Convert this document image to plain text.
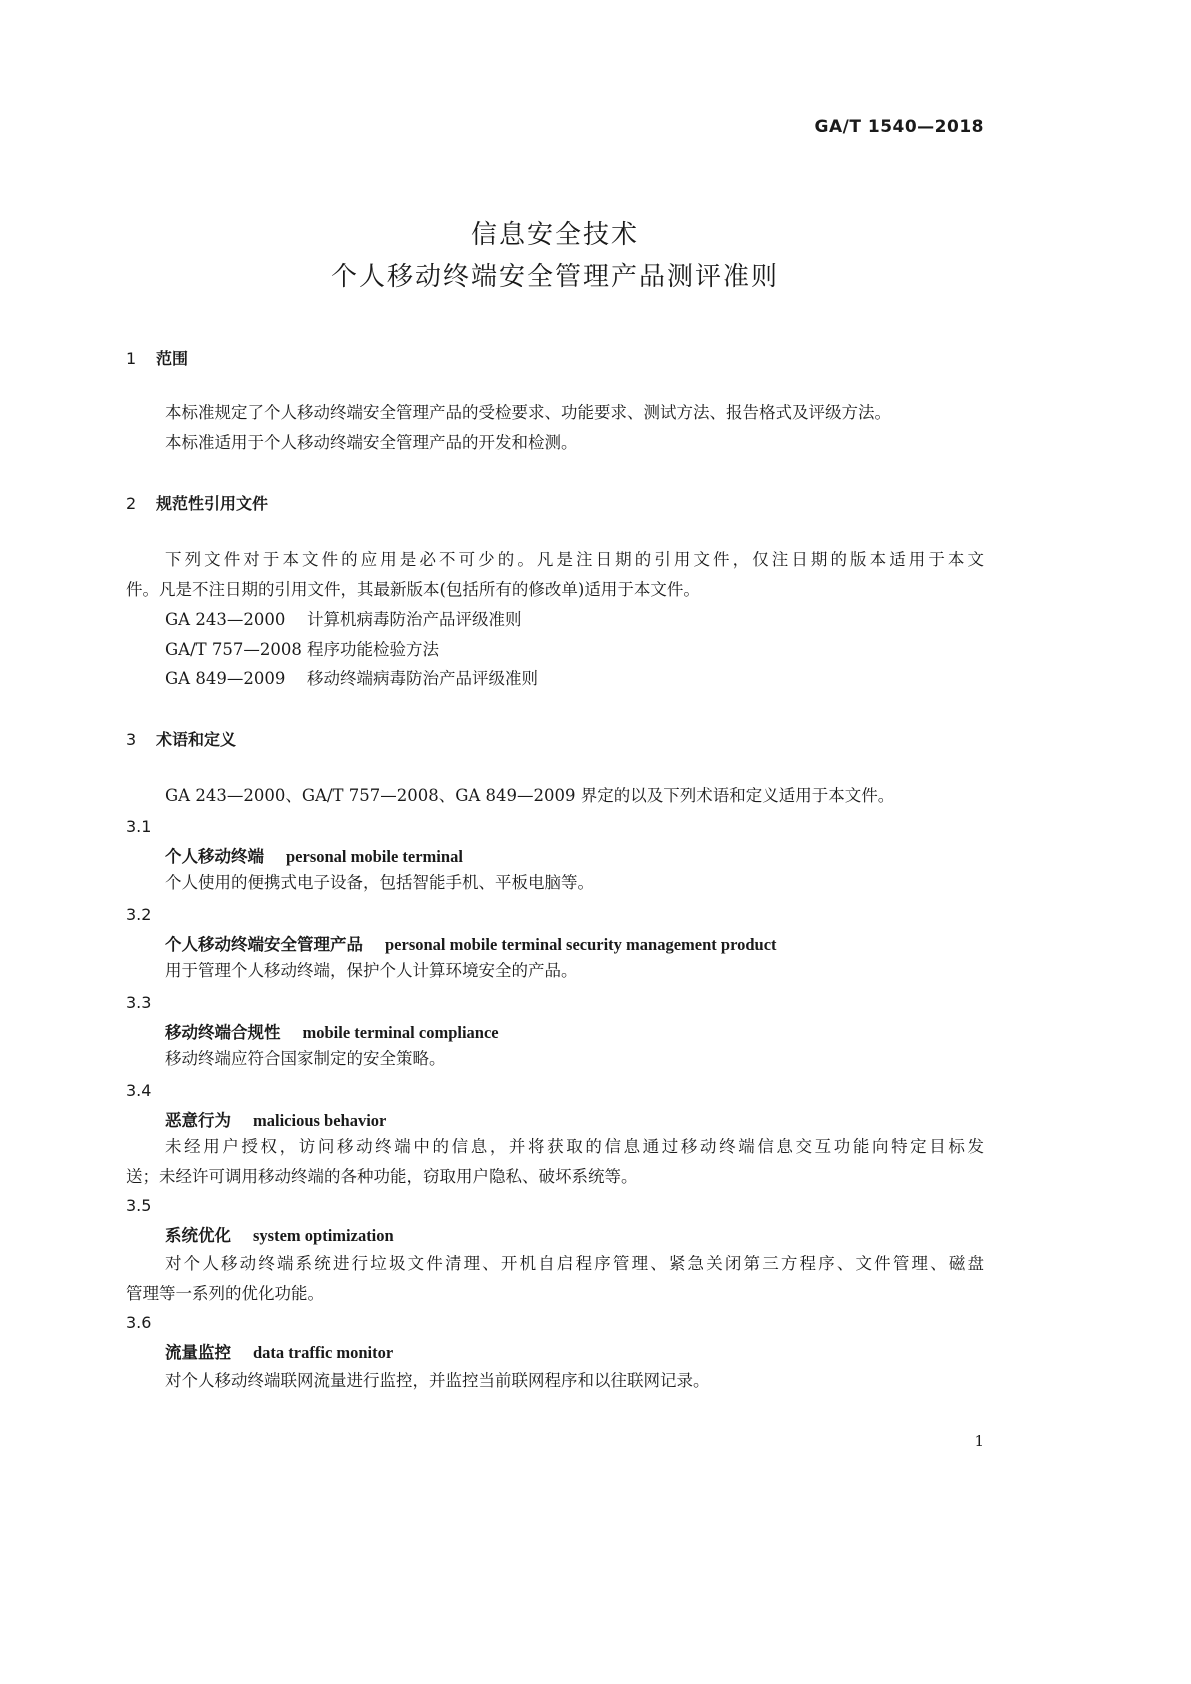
GA/T 1540—2018
信息安全技术
个人移动终端安全管理产品测评准则
1 范围
本标准规定了个人移动终端安全管理产品的受检要求、功能要求、测试方法、报告格式及评级方法。
本标准适用于个人移动终端安全管理产品的开发和检测。
2 规范性引用文件
下列文件对于本文件的应用是必不可少的。凡是注日期的引用文件，仅注日期的版本适用于本文
件。凡是不注日期的引用文件，其最新版本(包括所有的修改单)适用于本文件。
GA 243—2000 计算机病毒防治产品评级准则
GA/T 757—2008 程序功能检验方法
GA 849—2009 移动终端病毒防治产品评级准则
3 术语和定义
GA 243—2000、GA/T 757—2008、GA 849—2009 界定的以及下列术语和定义适用于本文件。
3.1
个人移动终端 personal mobile terminal
个人使用的便携式电子设备，包括智能手机、平板电脑等。
3.2
个人移动终端安全管理产品 personal mobile terminal security management product
用于管理个人移动终端，保护个人计算环境安全的产品。
3.3
移动终端合规性 mobile terminal compliance
移动终端应符合国家制定的安全策略。
3.4
恶意行为 malicious behavior
未经用户授权，访问移动终端中的信息，并将获取的信息通过移动终端信息交互功能向特定目标发
送；未经许可调用移动终端的各种功能，窃取用户隐私、破坏系统等。
3.5
系统优化 system optimization
对个人移动终端系统进行垃圾文件清理、开机自启程序管理、紧急关闭第三方程序、文件管理、磁盘
管理等一系列的优化功能。
3.6
流量监控 data traffic monitor
对个人移动终端联网流量进行监控，并监控当前联网程序和以往联网记录。
1
